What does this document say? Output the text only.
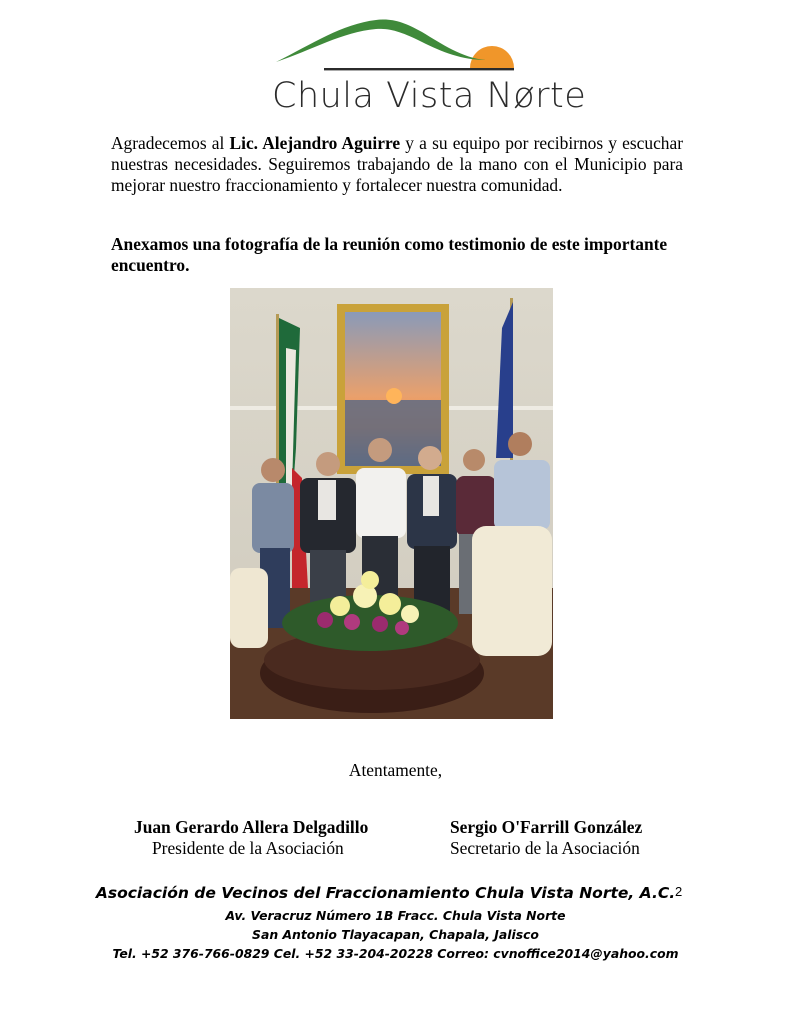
Chula Vista Nørte
Agradecemos al Lic. Alejandro Aguirre y a su equipo por recibirnos y escuchar nuestras necesidades. Seguiremos trabajando de la mano con el Municipio para mejorar nuestro fraccionamiento y fortalecer nuestra comunidad.
Anexamos una fotografía de la reunión como testimonio de este importante encuentro.
Atentamente,
Juan Gerardo Allera Delgadillo
Presidente de la Asociación
Sergio O'Farrill González
Secretario de la Asociación
Asociación de Vecinos del Fraccionamiento Chula Vista Norte, A.C.
Av. Veracruz Número 1B Fracc. Chula Vista Norte
San Antonio Tlayacapan, Chapala, Jalisco
Tel. +52 376-766-0829 Cel. +52 33-204-20228 Correo: cvnoffice2014@yahoo.com
2
